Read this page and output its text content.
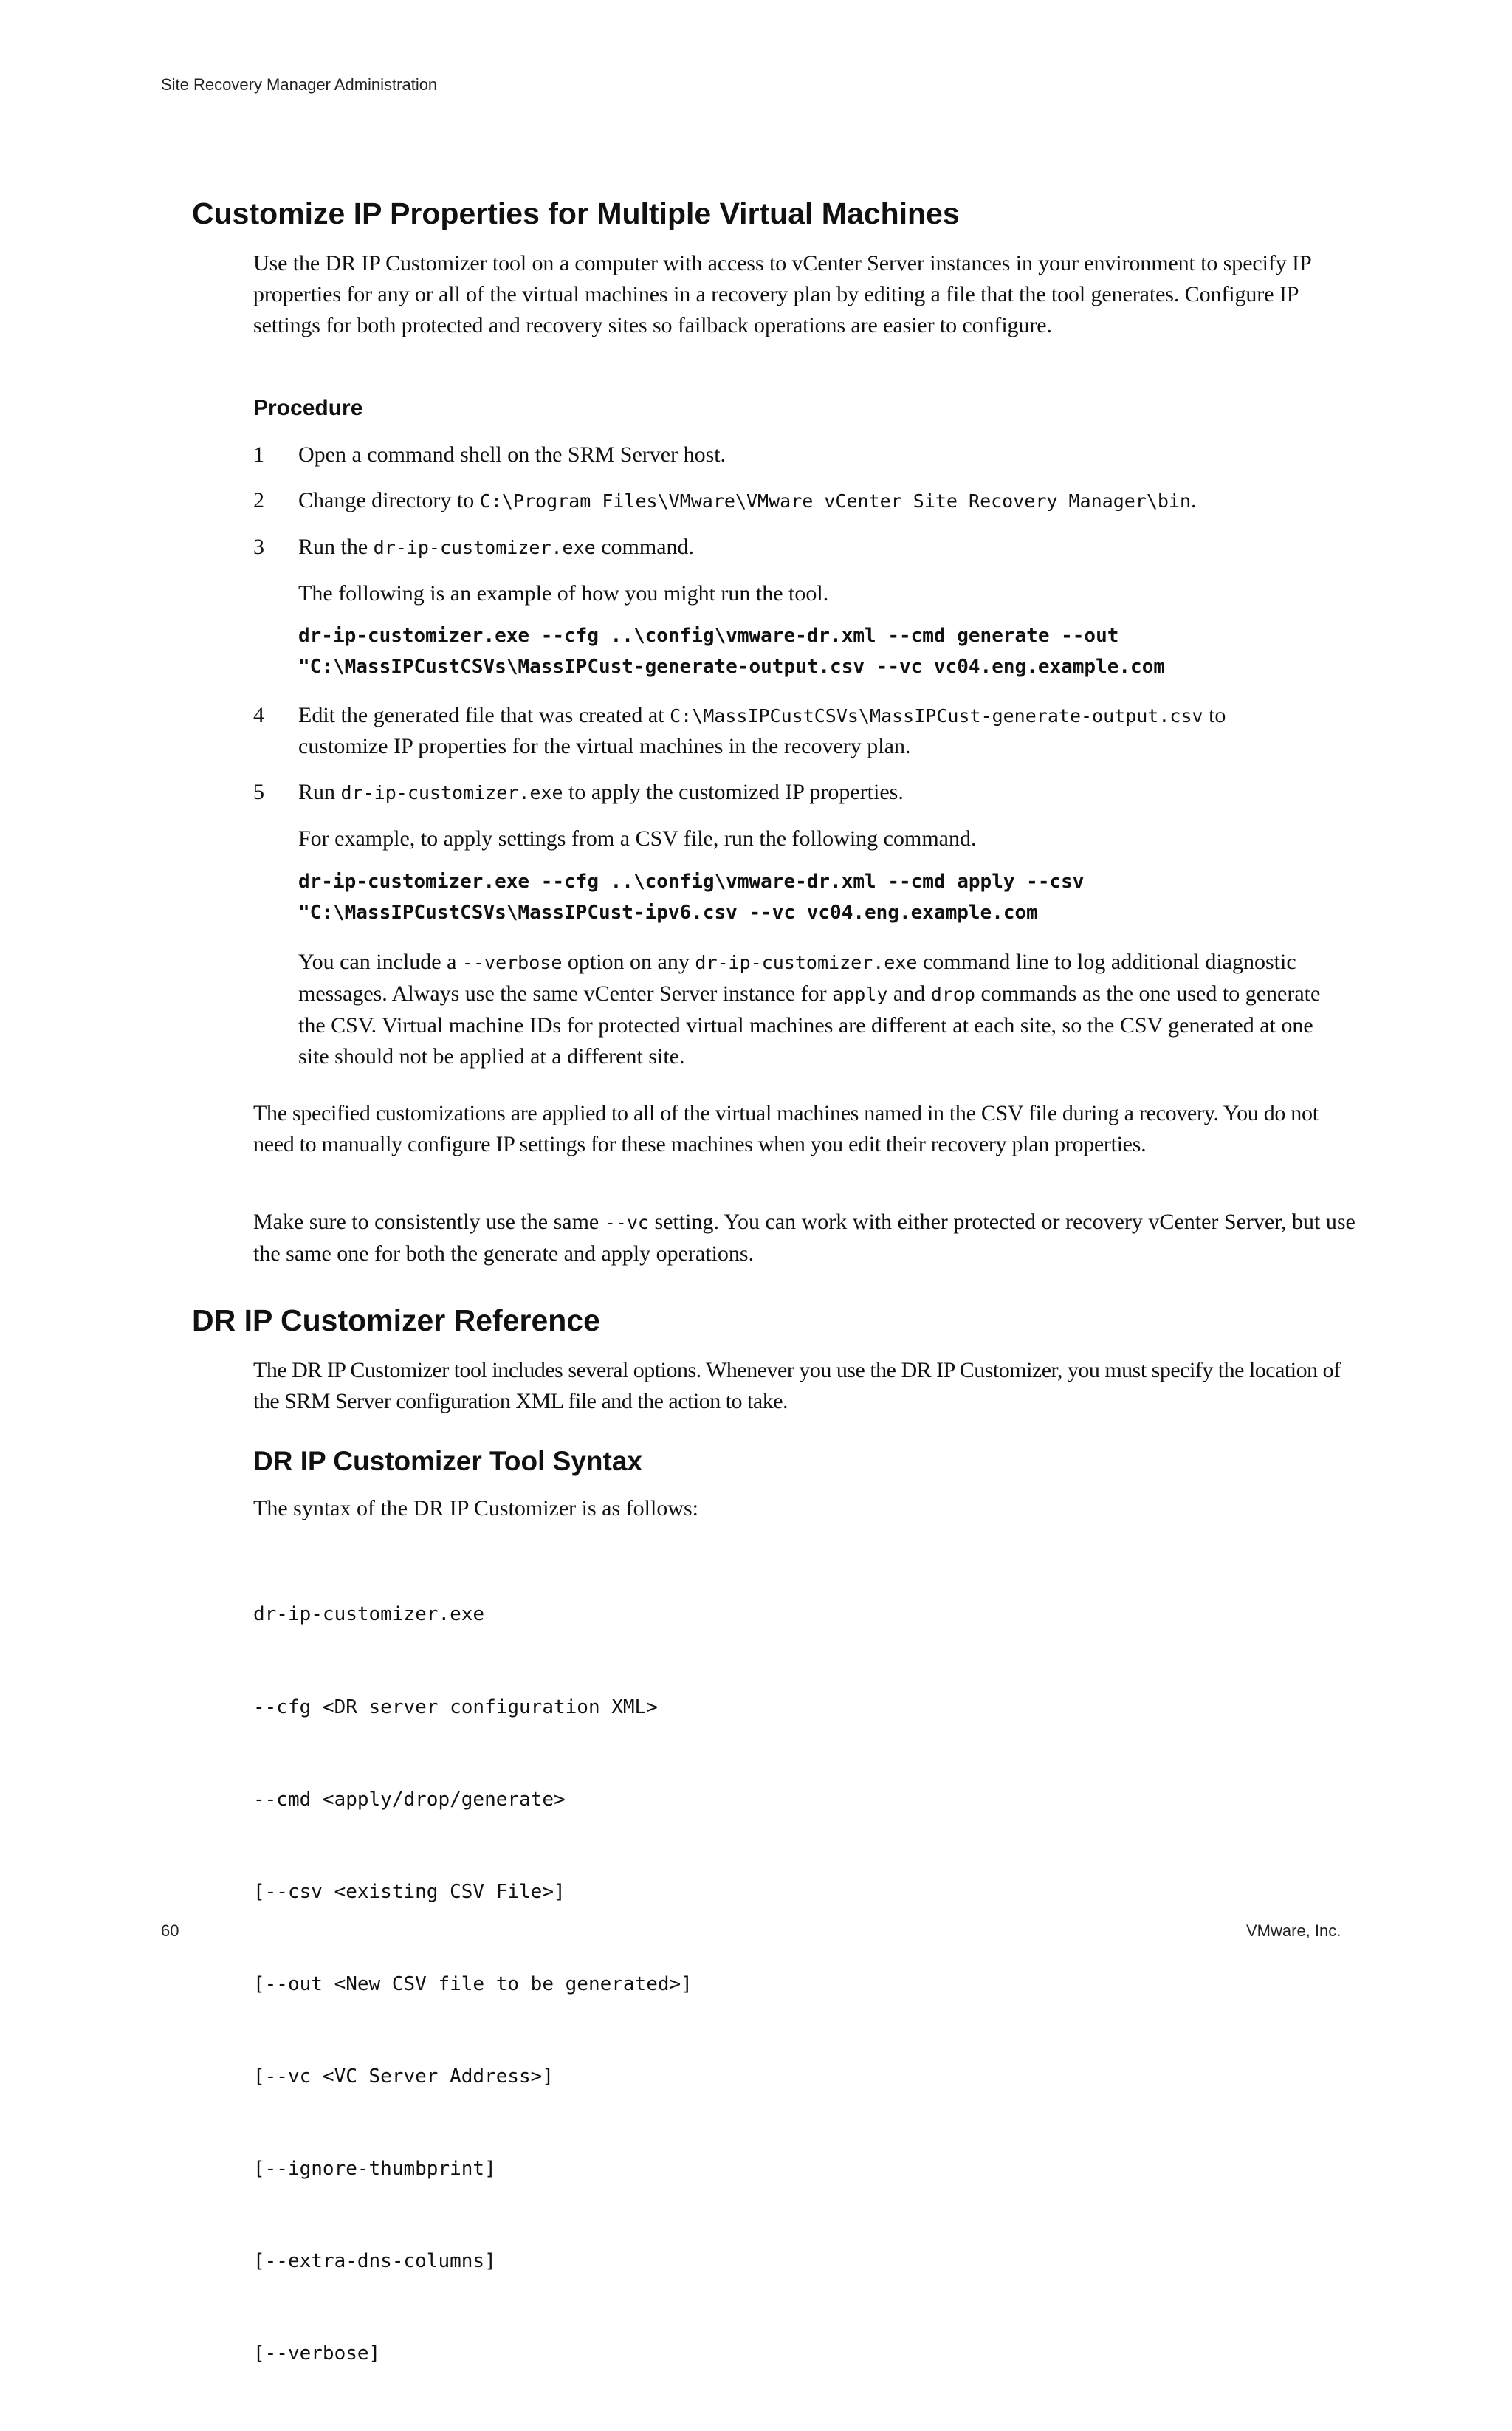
Site Recovery Manager Administration
Customize IP Properties for Multiple Virtual Machines

Use the DR IP Customizer tool on a computer with access to vCenter Server instances in your environment to specify IP properties for any or all of the virtual machines in a recovery plan by editing a file that the tool generates. Configure IP settings for both protected and recovery sites so failback operations are easier to configure.

Procedure
1 Open a command shell on the SRM Server host.

2 Change directory to C:\Program Files\VMware\VMware vCenter Site Recovery Manager\bin.

3 Run the dr-ip-customizer.exe command.

The following is an example of how you might run the tool.

dr-ip-customizer.exe --cfg ..\config\vmware-dr.xml --cmd generate --out
"C:\MassIPCustCSVs\MassIPCust-generate-output.csv --vc vc04.eng.example.com
4 Edit the generated file that was created at C:\MassIPCustCSVs\MassIPCust-generate-output.csv to

customize IP properties for the virtual machines in the recovery plan.

5 Run dr-ip-customizer.exe to apply the customized IP properties.

For example, to apply settings from a CSV file, run the following command.

dr-ip-customizer.exe --cfg ..\config\vmware-dr.xml --cmd apply --csv
"C:\MassIPCustCSVs\MassIPCust-ipv6.csv --vc vc04.eng.example.com

You can include a --verbose option on any dr-ip-customizer.exe command line to log additional diagnostic messages. Always use the same vCenter Server instance for apply and drop commands as the one used to generate the CSV. Virtual machine IDs for protected virtual machines are different at each site, so the CSV generated at one site should not be applied at a different site.

The specified customizations are applied to all of the virtual machines named in the CSV file during a recovery. You do not need to manually configure IP settings for these machines when you edit their recovery plan properties.

Make sure to consistently use the same --vc setting. You can work with either protected or recovery vCenter Server, but use the same one for both the generate and apply operations.

DR IP Customizer Reference

The DR IP Customizer tool includes several options. Whenever you use the DR IP Customizer, you must specify the location of the SRM Server configuration XML file and the action to take.

DR IP Customizer Tool Syntax

The syntax of the DR IP Customizer is as follows:

dr-ip-customizer.exe

--cfg <DR server configuration XML>

--cmd <apply/drop/generate>

[--csv <existing CSV File>]

[--out <New CSV file to be generated>]

[--vc <VC Server Address>]

[--ignore-thumbprint]

[--extra-dns-columns]

[--verbose]

60	VMware, Inc.
